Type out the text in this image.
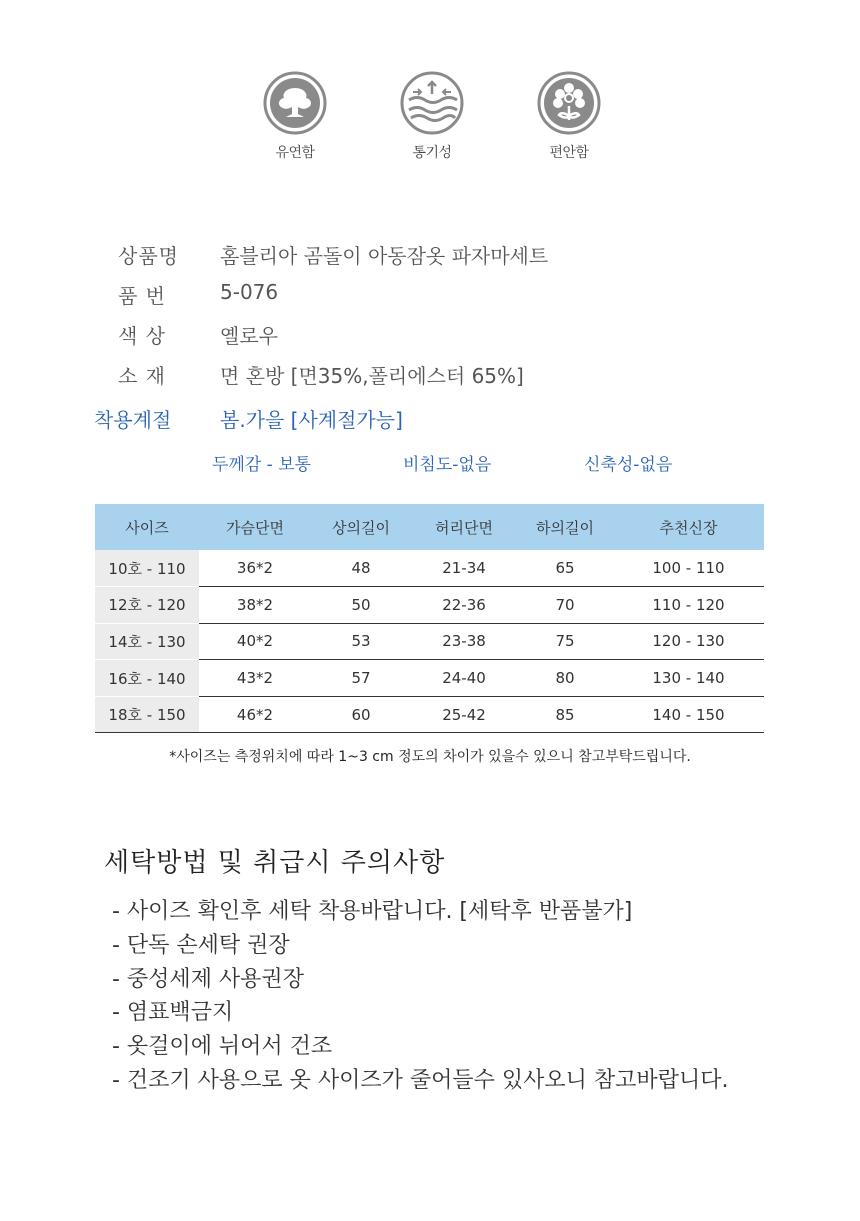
유연함	통기성	편안함
상품명	홈블리아 곰돌이 아동잠옷 파자마세트
품 번	5-076
색 상	옐로우
소 재	면 혼방 [면35%,폴리에스터 65%]
착용계절 봄.가을 [사계절가능]
두께감 - 보통	비침도-없음	신축성-없음
사이즈	가슴단면	상의길이	허리단면	하의길이	추천신장
10호 - 110	36*2	48	21-34	65	100 - 110
12호 - 120	38*2	50	22-36	70	110 - 120
14호 - 130	40*2	53	23-38	75	120 - 130
16호 - 140	43*2	57	24-40	80	130 - 140
18호 - 150	46*2	60	25-42	85	140 - 150
*사이즈는 측정위치에 따라 1~3 cm 정도의 차이가 있을수 있으니 참고부탁드립니다.
세탁방법 및 취급시 주의사항
- 사이즈 확인후 세탁 착용바랍니다. [세탁후 반품불가]
- 단독 손세탁 권장
- 중성세제 사용권장
- 염표백금지
- 옷걸이에 뉘어서 건조
- 건조기 사용으로 옷 사이즈가 줄어들수 있사오니 참고바랍니다.
